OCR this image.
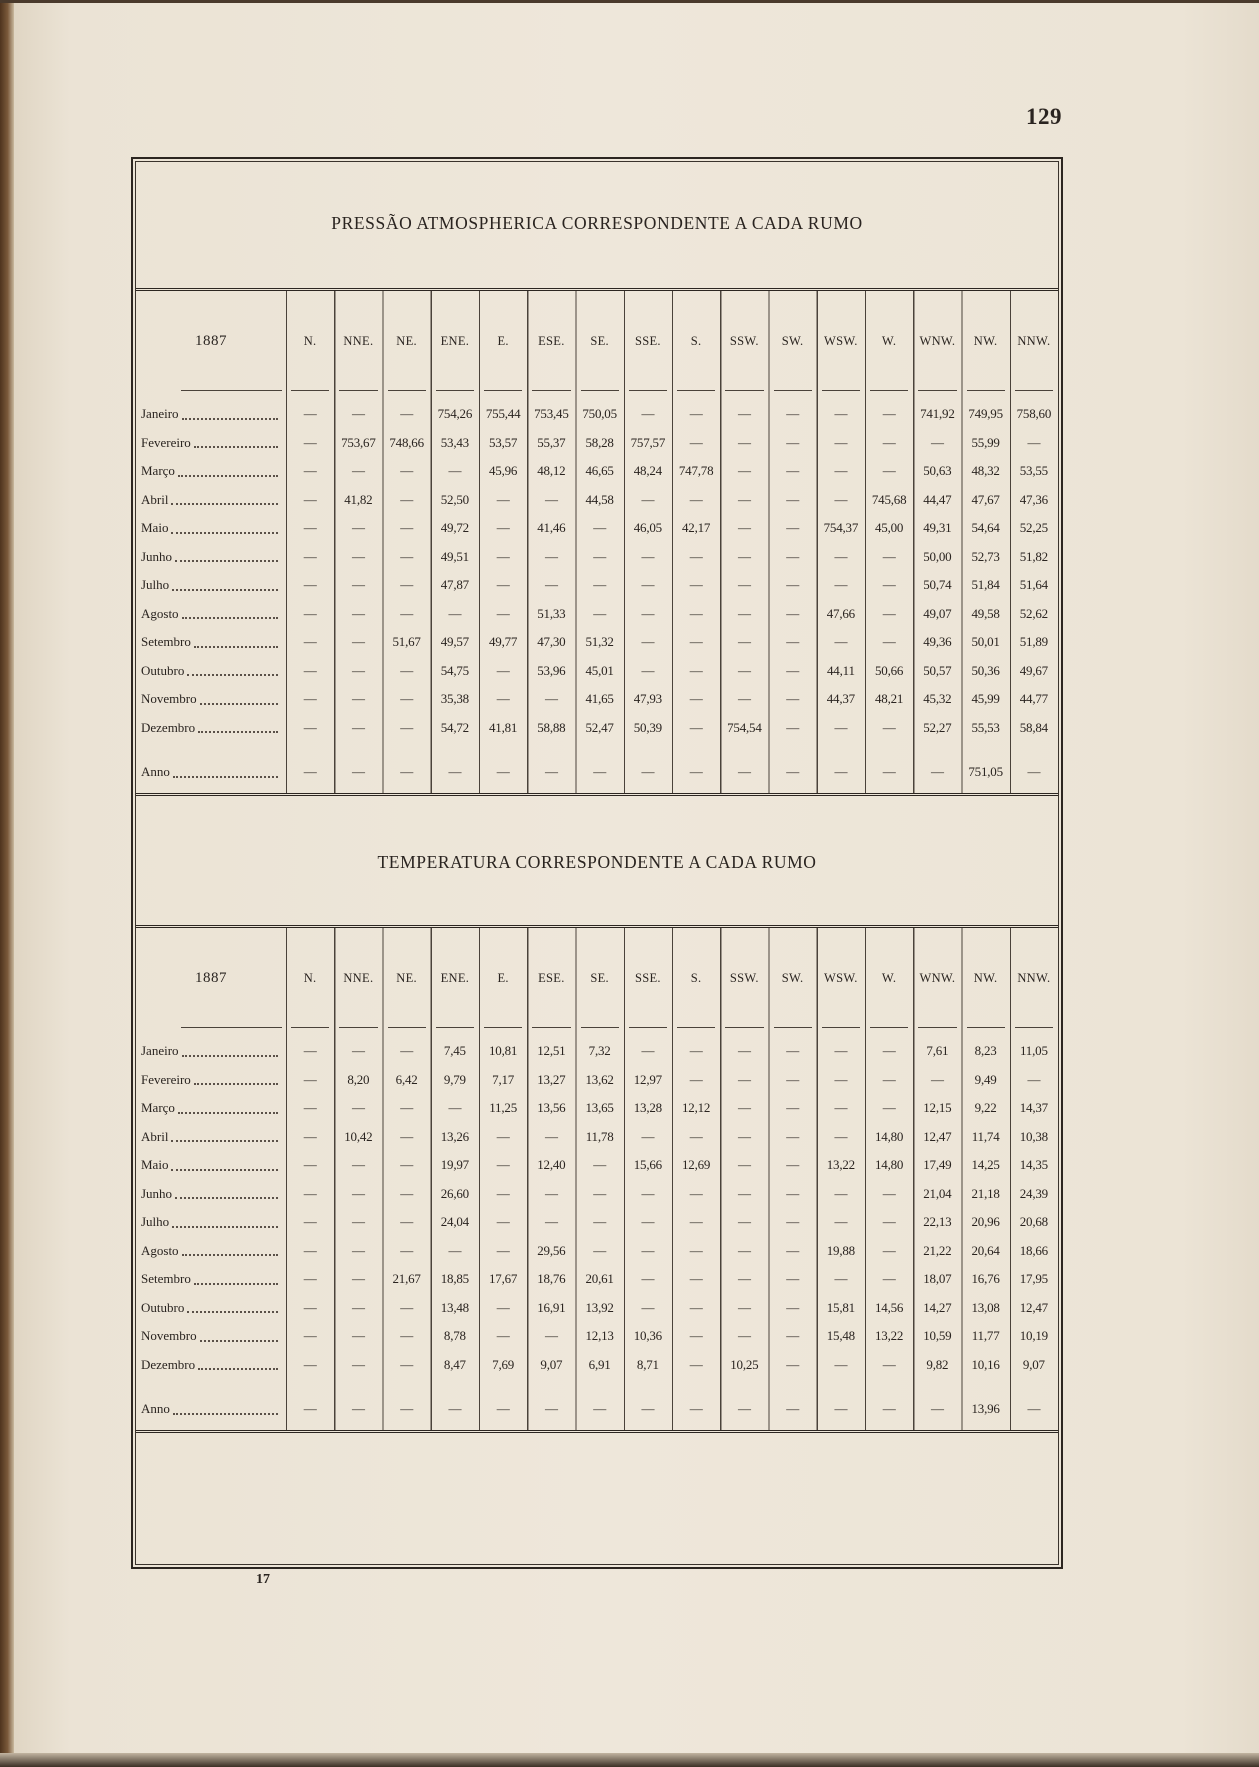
129
PRESSÃO ATMOSPHERICA CORRESPONDENTE A CADA RUMO
1887	N.	NNE.	NE.	ENE.	E.	ESE.	SE.	SSE.	S.	SSW.	SW.	WSW.	W.	WNW.	NW.	NNW.
Janeiro	—	—	—	754,26	755,44	753,45	750,05	—	—	—	—	—	—	741,92	749,95	758,60
Fevereiro	—	753,67	748,66	53,43	53,57	55,37	58,28	757,57	—	—	—	—	—	—	55,99	—
Março	—	—	—	—	45,96	48,12	46,65	48,24	747,78	—	—	—	—	50,63	48,32	53,55
Abril	—	41,82	—	52,50	—	—	44,58	—	—	—	—	—	745,68	44,47	47,67	47,36
Maio	—	—	—	49,72	—	41,46	—	46,05	42,17	—	—	754,37	45,00	49,31	54,64	52,25
Junho	—	—	—	49,51	—	—	—	—	—	—	—	—	—	50,00	52,73	51,82
Julho	—	—	—	47,87	—	—	—	—	—	—	—	—	—	50,74	51,84	51,64
Agosto	—	—	—	—	—	51,33	—	—	—	—	—	47,66	—	49,07	49,58	52,62
Setembro	—	—	51,67	49,57	49,77	47,30	51,32	—	—	—	—	—	—	49,36	50,01	51,89
Outubro	—	—	—	54,75	—	53,96	45,01	—	—	—	—	44,11	50,66	50,57	50,36	49,67
Novembro	—	—	—	35,38	—	—	41,65	47,93	—	—	—	44,37	48,21	45,32	45,99	44,77
Dezembro	—	—	—	54,72	41,81	58,88	52,47	50,39	—	754,54	—	—	—	52,27	55,53	58,84
Anno	—	—	—	—	—	—	—	—	—	—	—	—	—	—	751,05	—
TEMPERATURA CORRESPONDENTE A CADA RUMO
1887	N.	NNE.	NE.	ENE.	E.	ESE.	SE.	SSE.	S.	SSW.	SW.	WSW.	W.	WNW.	NW.	NNW.
Janeiro	—	—	—	7,45	10,81	12,51	7,32	—	—	—	—	—	—	7,61	8,23	11,05
Fevereiro	—	8,20	6,42	9,79	7,17	13,27	13,62	12,97	—	—	—	—	—	—	9,49	—
Março	—	—	—	—	11,25	13,56	13,65	13,28	12,12	—	—	—	—	12,15	9,22	14,37
Abril	—	10,42	—	13,26	—	—	11,78	—	—	—	—	—	14,80	12,47	11,74	10,38
Maio	—	—	—	19,97	—	12,40	—	15,66	12,69	—	—	13,22	14,80	17,49	14,25	14,35
Junho	—	—	—	26,60	—	—	—	—	—	—	—	—	—	21,04	21,18	24,39
Julho	—	—	—	24,04	—	—	—	—	—	—	—	—	—	22,13	20,96	20,68
Agosto	—	—	—	—	—	29,56	—	—	—	—	—	19,88	—	21,22	20,64	18,66
Setembro	—	—	21,67	18,85	17,67	18,76	20,61	—	—	—	—	—	—	18,07	16,76	17,95
Outubro	—	—	—	13,48	—	16,91	13,92	—	—	—	—	15,81	14,56	14,27	13,08	12,47
Novembro	—	—	—	8,78	—	—	12,13	10,36	—	—	—	15,48	13,22	10,59	11,77	10,19
Dezembro	—	—	—	8,47	7,69	9,07	6,91	8,71	—	10,25	—	—	—	9,82	10,16	9,07
Anno	—	—	—	—	—	—	—	—	—	—	—	—	—	—	13,96	—
17
